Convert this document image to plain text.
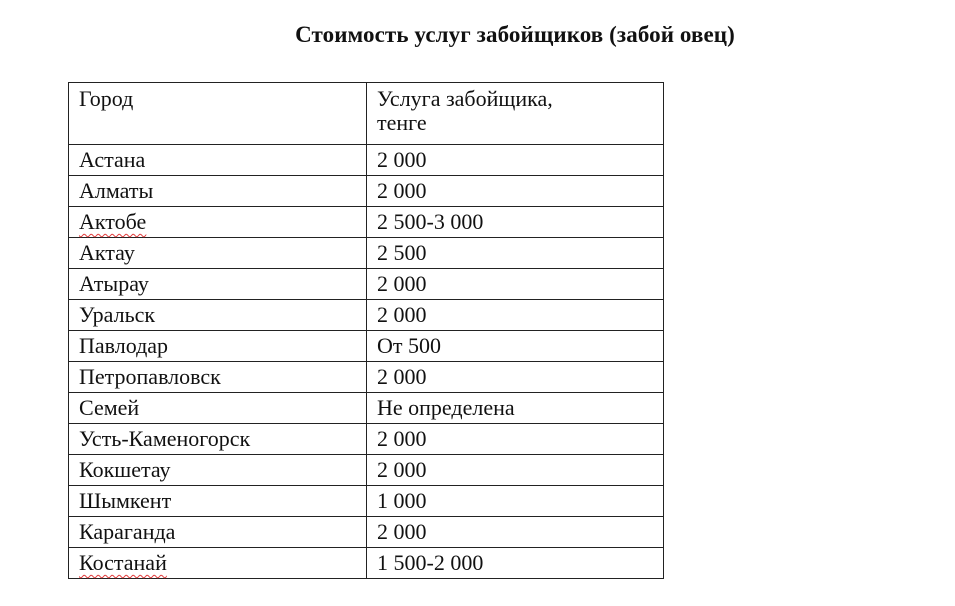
Стоимость услуг забойщиков (забой овец)
Город	Услуга забойщика, тенге

Астана	2 000
Алматы	2 000
Актобе	2 500-3 000
Актау	2 500
Атырау	2 000
Уральск	2 000
Павлодар	От 500
Петропавловск	2 000
Семей	Не определена
Усть-Каменогорск	2 000
Кокшетау	2 000
Шымкент	1 000
Караганда	2 000
Костанай	1 500-2 000
